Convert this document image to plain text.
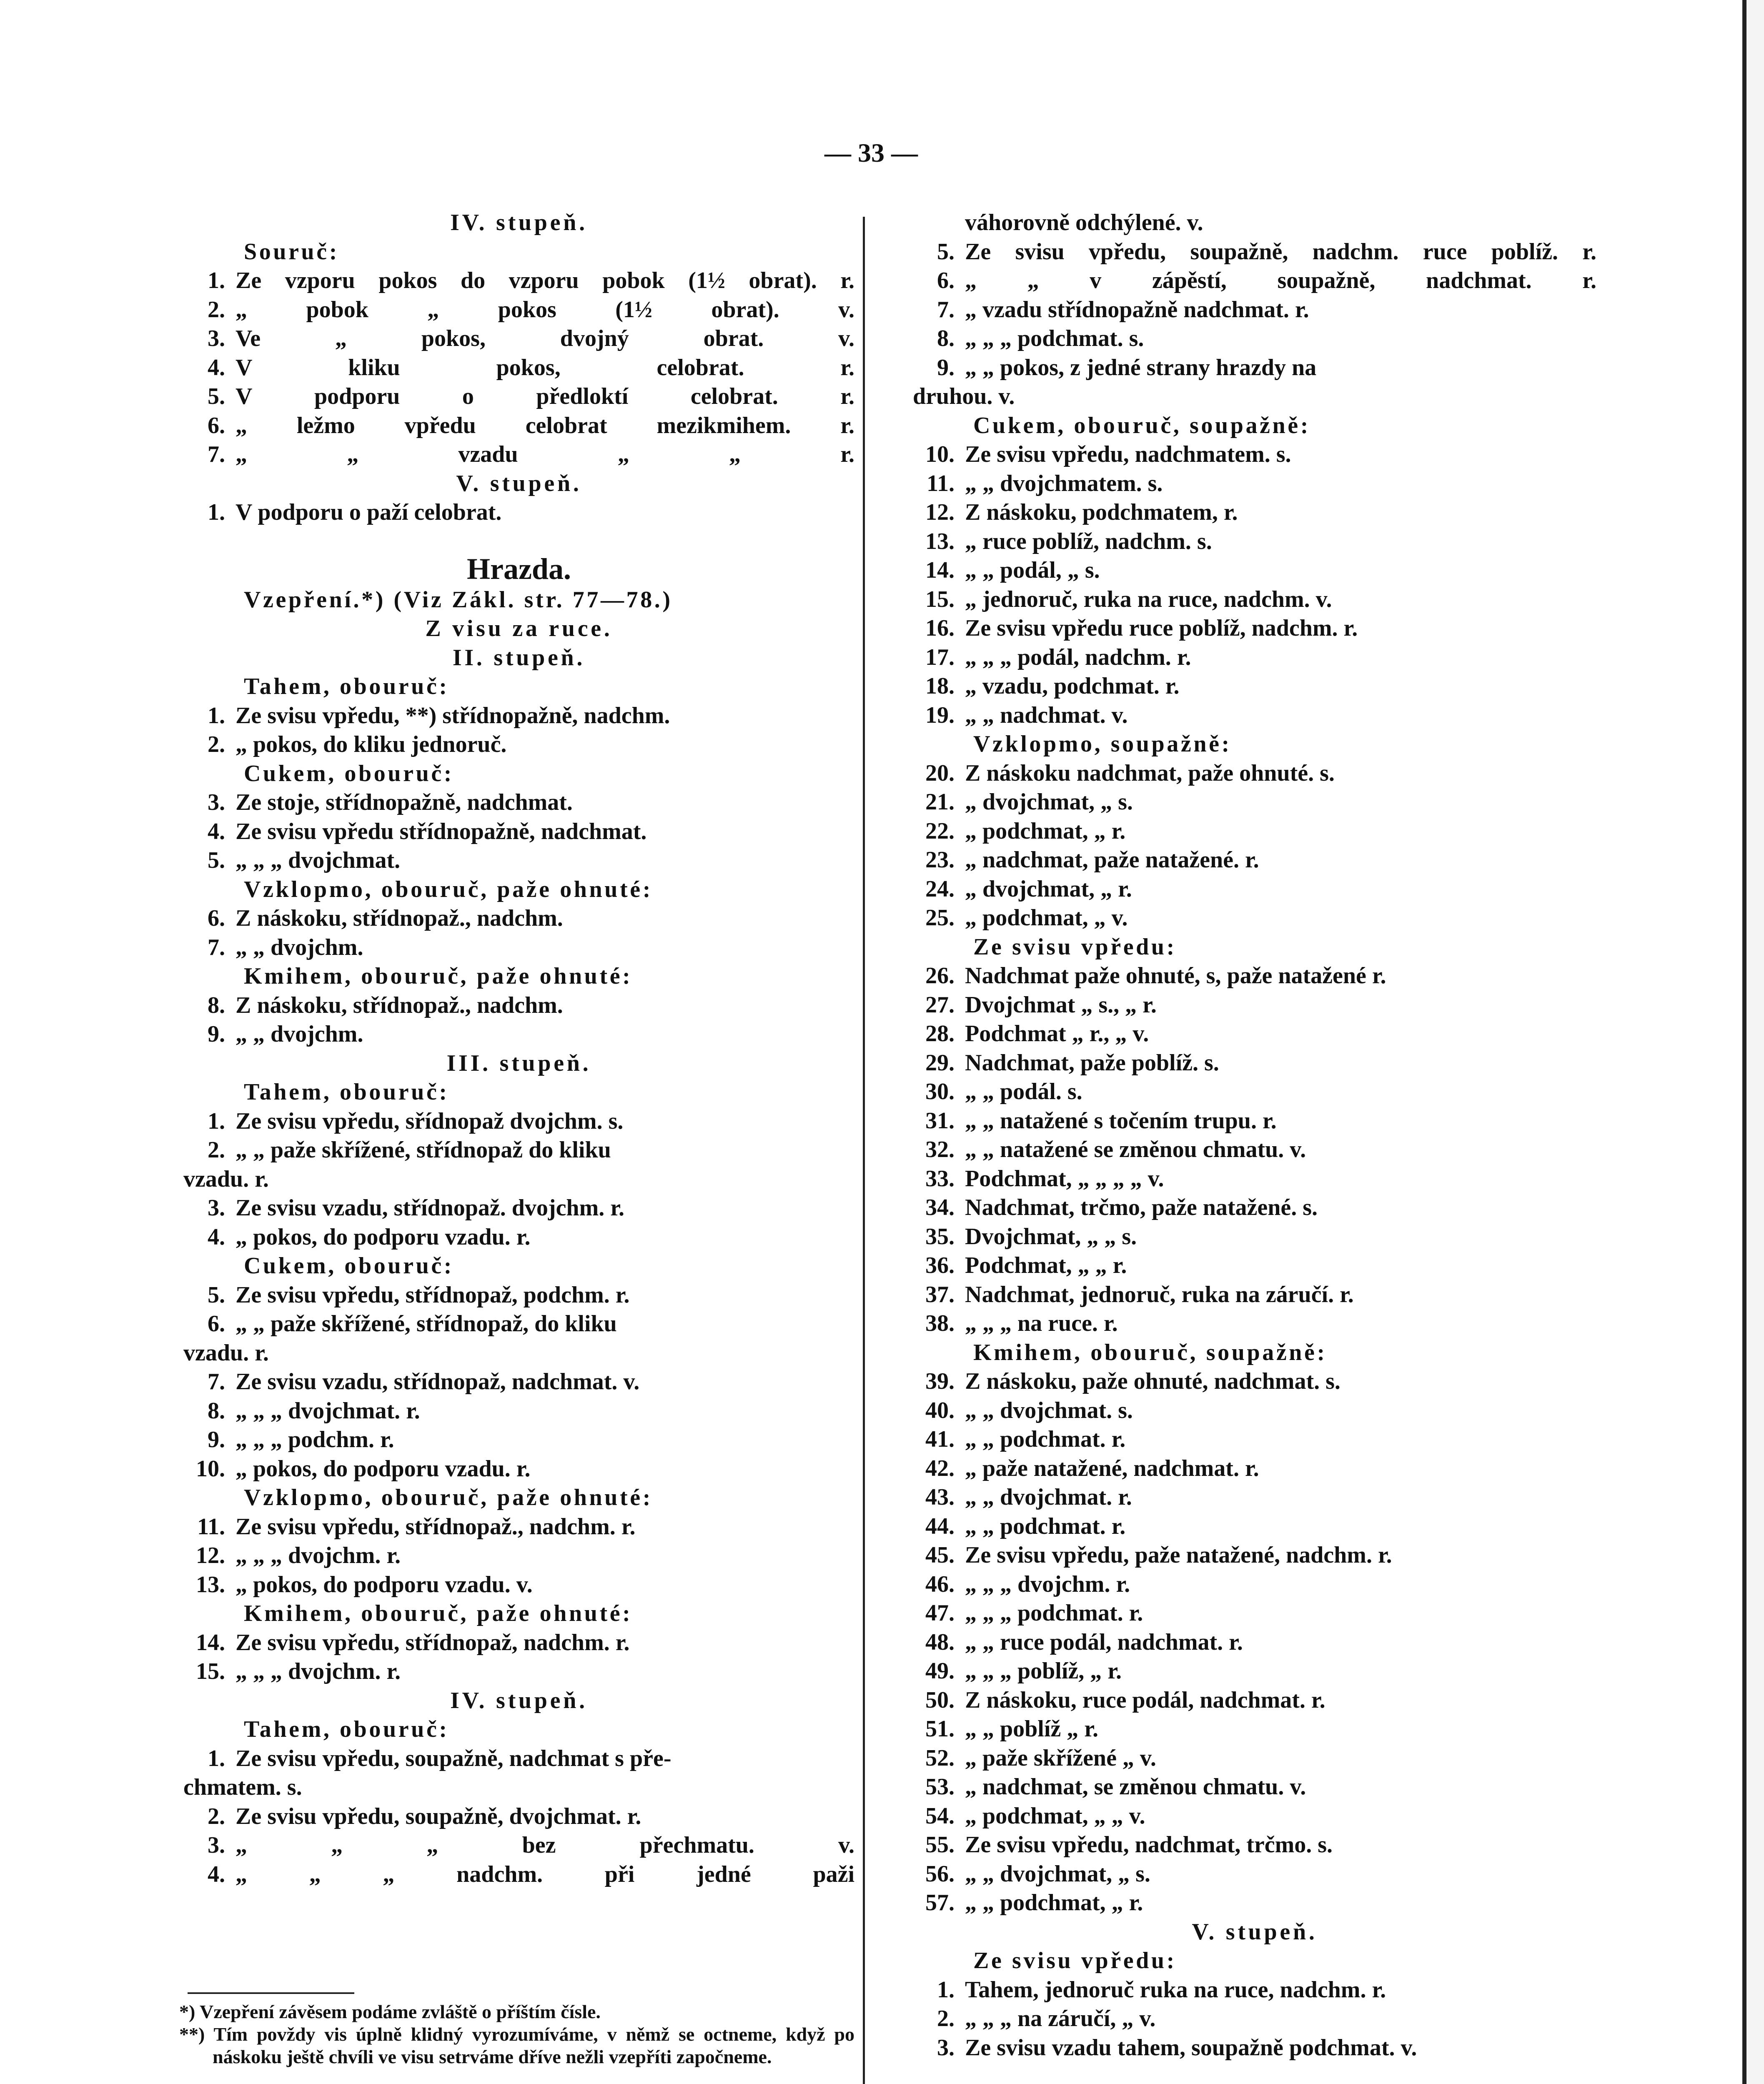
— 33 —
IV. stupeň.
Souruč:
1. Ze vzporu pokos do vzporu pobok (1½ obrat). r.
2. „ pobok „ pokos (1½ obrat). v.
3. Ve „ pokos, dvojný obrat. v.
4. V kliku pokos, celobrat. r.
5. V podporu o předloktí celobrat. r.
6. „ ležmo vpředu celobrat mezikmihem. r.
7. „ „ vzadu „ „ r.
V. stupeň.
1. V podporu o paží celobrat.
Hrazda.
Vzepření.*) (Viz Zákl. str. 77—78.)
Z visu za ruce.
II. stupeň.
Tahem, obouruč:
1. Ze svisu vpředu, **) střídnopažně, nadchm.
2. „ pokos, do kliku jednoruč.
Cukem, obouruč:
3. Ze stoje, střídnopažně, nadchmat.
4. Ze svisu vpředu střídnopažně, nadchmat.
5. „ „ „ dvojchmat.
Vzklopmo, obouruč, paže ohnuté:
6. Z náskoku, střídnopaž., nadchm.
7. „ „ dvojchm.
Kmihem, obouruč, paže ohnuté:
8. Z náskoku, střídnopaž., nadchm.
9. „ „ dvojchm.
III. stupeň.
Tahem, obouruč:
1. Ze svisu vpředu, sřídnopaž dvojchm. s.
2. „ „ paže skřížené, střídnopaž do kliku
vzadu. r.
3. Ze svisu vzadu, střídnopaž. dvojchm. r.
4. „ pokos, do podporu vzadu. r.
Cukem, obouruč:
5. Ze svisu vpředu, střídnopaž, podchm. r.
6. „ „ paže skřížené, střídnopaž, do kliku
vzadu. r.
7. Ze svisu vzadu, střídnopaž, nadchmat. v.
8. „ „ „ dvojchmat. r.
9. „ „ „ podchm. r.
10. „ pokos, do podporu vzadu. r.
Vzklopmo, obouruč, paže ohnuté:
11. Ze svisu vpředu, střídnopaž., nadchm. r.
12. „ „ „ dvojchm. r.
13. „ pokos, do podporu vzadu. v.
Kmihem, obouruč, paže ohnuté:
14. Ze svisu vpředu, střídnopaž, nadchm. r.
15. „ „ „ dvojchm. r.
IV. stupeň.
Tahem, obouruč:
1. Ze svisu vpředu, soupažně, nadchmat s pře-
chmatem. s.
2. Ze svisu vpředu, soupažně, dvojchmat. r.
3. „ „ „ bez přechmatu. v.
4. „ „ „ nadchm. při jedné paži
váhorovně odchýlené. v.
5. Ze svisu vpředu, soupažně, nadchm. ruce poblíž. r.
6. „ „ v zápěstí, soupažně, nadchmat. r.
7. „ vzadu střídnopažně nadchmat. r.
8. „ „ „ podchmat. s.
9. „ „ pokos, z jedné strany hrazdy na
druhou. v.
Cukem, obouruč, soupažně:
10. Ze svisu vpředu, nadchmatem. s.
11. „ „ dvojchmatem. s.
12. Z náskoku, podchmatem, r.
13. „ ruce poblíž, nadchm. s.
14. „ „ podál, „ s.
15. „ jednoruč, ruka na ruce, nadchm. v.
16. Ze svisu vpředu ruce poblíž, nadchm. r.
17. „ „ „ podál, nadchm. r.
18. „ vzadu, podchmat. r.
19. „ „ nadchmat. v.
Vzklopmo, soupažně:
20. Z náskoku nadchmat, paže ohnuté. s.
21. „ dvojchmat, „ s.
22. „ podchmat, „ r.
23. „ nadchmat, paže natažené. r.
24. „ dvojchmat, „ r.
25. „ podchmat, „ v.
Ze svisu vpředu:
26. Nadchmat paže ohnuté, s, paže natažené r.
27. Dvojchmat „ s., „ r.
28. Podchmat „ r., „ v.
29. Nadchmat, paže poblíž. s.
30. „ „ podál. s.
31. „ „ natažené s točením trupu. r.
32. „ „ natažené se změnou chmatu. v.
33. Podchmat, „ „ „ „ v.
34. Nadchmat, trčmo, paže natažené. s.
35. Dvojchmat, „ „ s.
36. Podchmat, „ „ r.
37. Nadchmat, jednoruč, ruka na záručí. r.
38. „ „ „ na ruce. r.
Kmihem, obouruč, soupažně:
39. Z náskoku, paže ohnuté, nadchmat. s.
40. „ „ dvojchmat. s.
41. „ „ podchmat. r.
42. „ paže natažené, nadchmat. r.
43. „ „ dvojchmat. r.
44. „ „ podchmat. r.
45. Ze svisu vpředu, paže natažené, nadchm. r.
46. „ „ „ dvojchm. r.
47. „ „ „ podchmat. r.
48. „ „ ruce podál, nadchmat. r.
49. „ „ „ poblíž, „ r.
50. Z náskoku, ruce podál, nadchmat. r.
51. „ „ poblíž „ r.
52. „ paže skřížené „ v.
53. „ nadchmat, se změnou chmatu. v.
54. „ podchmat, „ „ v.
55. Ze svisu vpředu, nadchmat, trčmo. s.
56. „ „ dvojchmat, „ s.
57. „ „ podchmat, „ r.
V. stupeň.
Ze svisu vpředu:
1. Tahem, jednoruč ruka na ruce, nadchm. r.
2. „ „ „ na záručí, „ v.
3. Ze svisu vzadu tahem, soupažně podchmat. v.
*) Vzepření závěsem podáme zvláště o příštím čísle.
**) Tím povždy vis úplně klidný vyrozumíváme, v němž se octneme, když po náskoku ještě chvíli ve visu setrváme dříve nežli vzepříti započneme.
